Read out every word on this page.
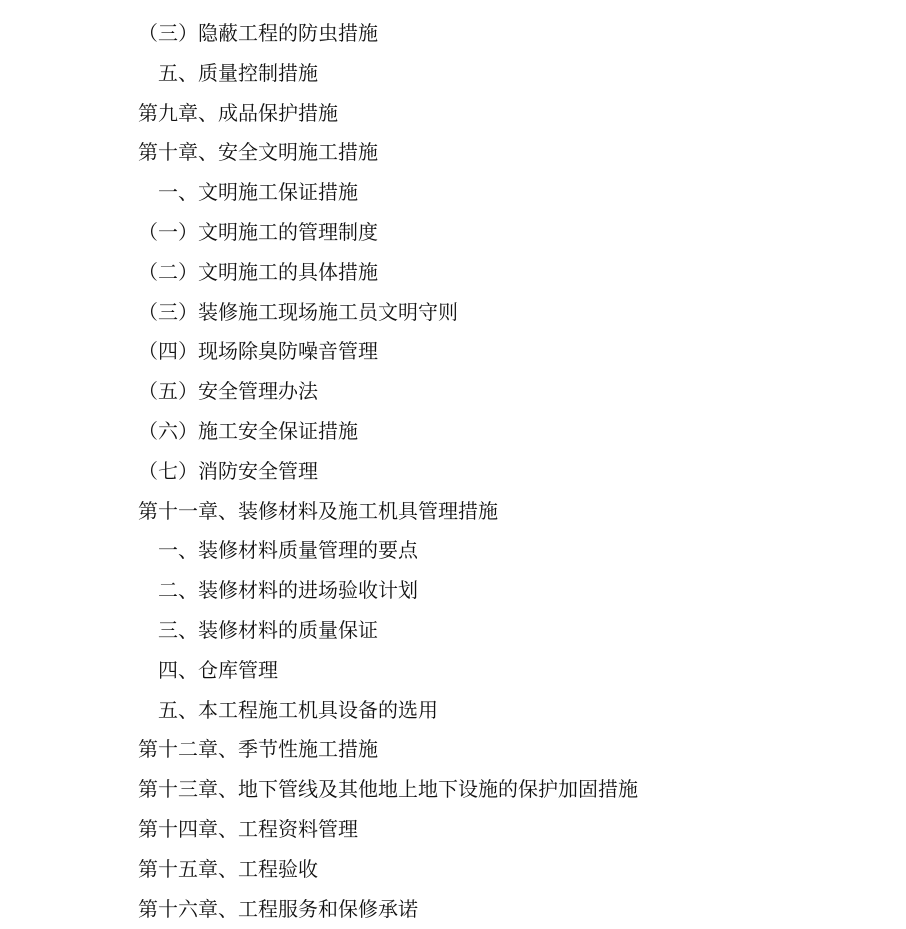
（三）隐蔽工程的防虫措施
五、质量控制措施
第九章、成品保护措施
第十章、安全文明施工措施
一、文明施工保证措施
（一）文明施工的管理制度
（二）文明施工的具体措施
（三）装修施工现场施工员文明守则
（四）现场除臭防噪音管理
（五）安全管理办法
（六）施工安全保证措施
（七）消防安全管理
第十一章、装修材料及施工机具管理措施
一、装修材料质量管理的要点
二、装修材料的进场验收计划
三、装修材料的质量保证
四、仓库管理
五、本工程施工机具设备的选用
第十二章、季节性施工措施
第十三章、地下管线及其他地上地下设施的保护加固措施
第十四章、工程资料管理
第十五章、工程验收
第十六章、工程服务和保修承诺
